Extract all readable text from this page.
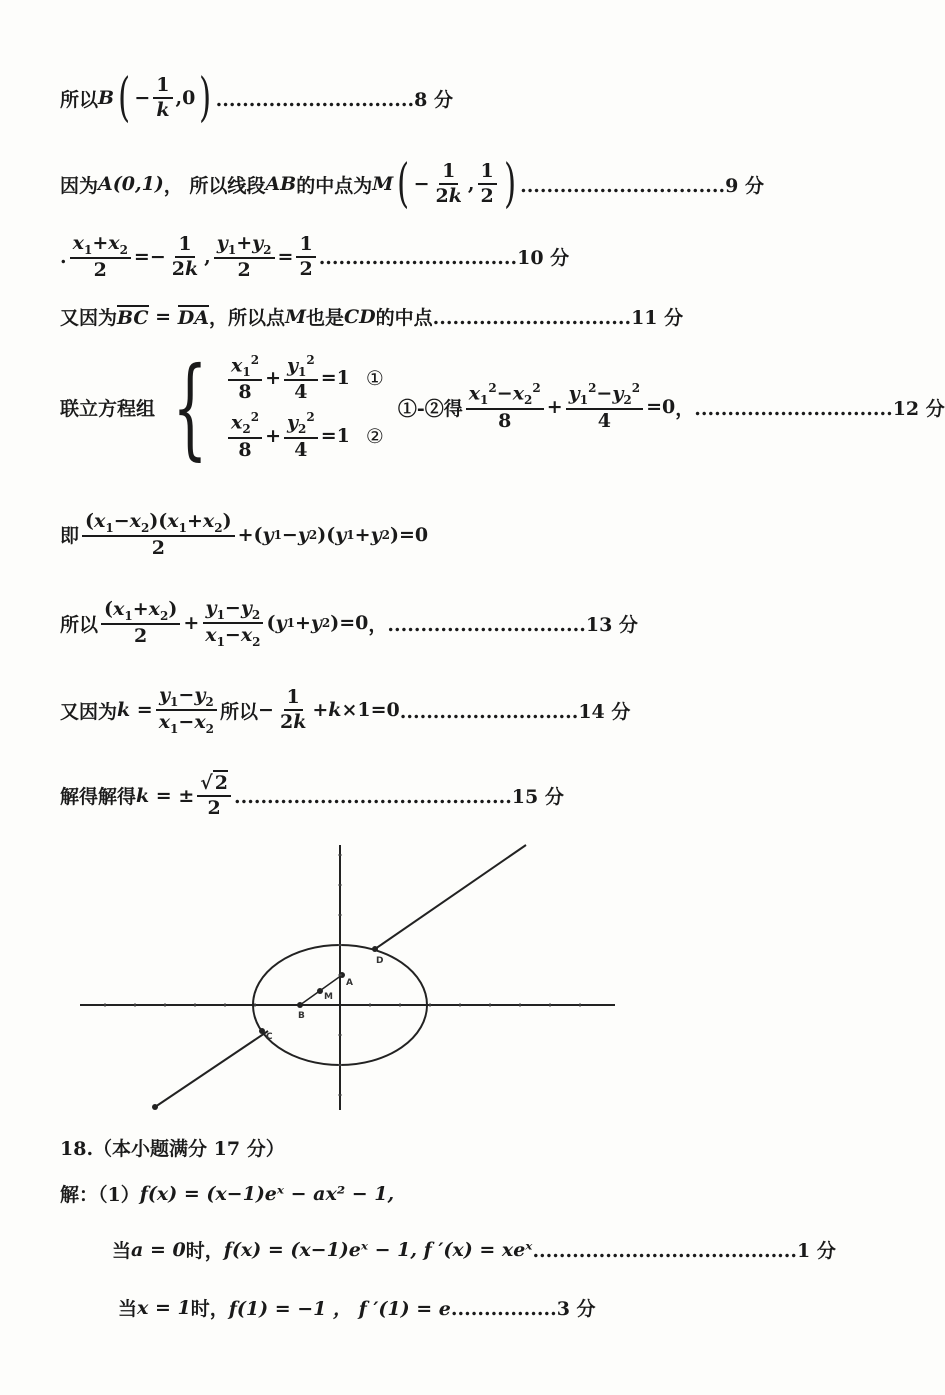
所以 B ( − $\frac{1}{k} ,0$ ) ..............................8 分
因为 A(0,1) ， 所以线段 AB 的中点为 M ( − $\frac{1}{2k}$ , $\frac{1}{2}$ ) ...............................9 分
. $\frac{x_1+x_2}{2} =- \frac{1}{2k}$ , $\frac{y_1+y_2}{2} = \frac{1}{2} ..............................10$ 分
又因为 BC = DA ，所以点 M 也是 CD 的中点 ..............................11 分
联立方程组 { $\frac{x_1^2}{8} + \frac{y_1^2}{4} =1$ ①
$\frac{x_2^2}{8} + \frac{y_2^2}{4} =1$ ②
①-②得 $\frac{x_1^2-x_2^2}{8} + \frac{y_1^2-y_2^2}{4} =0$ ，..............................12 分
即 $\frac{(x_1-x_2)(x_1+x_2)}{2}$ +( y 1 − y 2 )( y 1 + y 2 )=0
所以 $\frac{(x_1+x_2)}{2} + \frac{y_1-y_2}{x_1-x_2}$ ( y 1 + y 2 )=0 ，..............................13 分
又因为 $k = \frac{y_1-y_2}{x_1-x_2}$ 所以 − $\frac{1}{2k} + k \times 1=0$ ...........................14 分
解得解得 k = ± $\frac{√ 2}{2} ..........................................15$ 分
B
M
A
D
C
18.（本小题满分 17 分）
解：（1） f(x) = (x−1)eˣ − ax² − 1,
当 a = 0 时， f(x) = (x−1)eˣ − 1, f ′(x) = xeˣ ........................................1 分
当 x = 1 时， f(1) = −1 ， f ′(1) = e ................3 分
